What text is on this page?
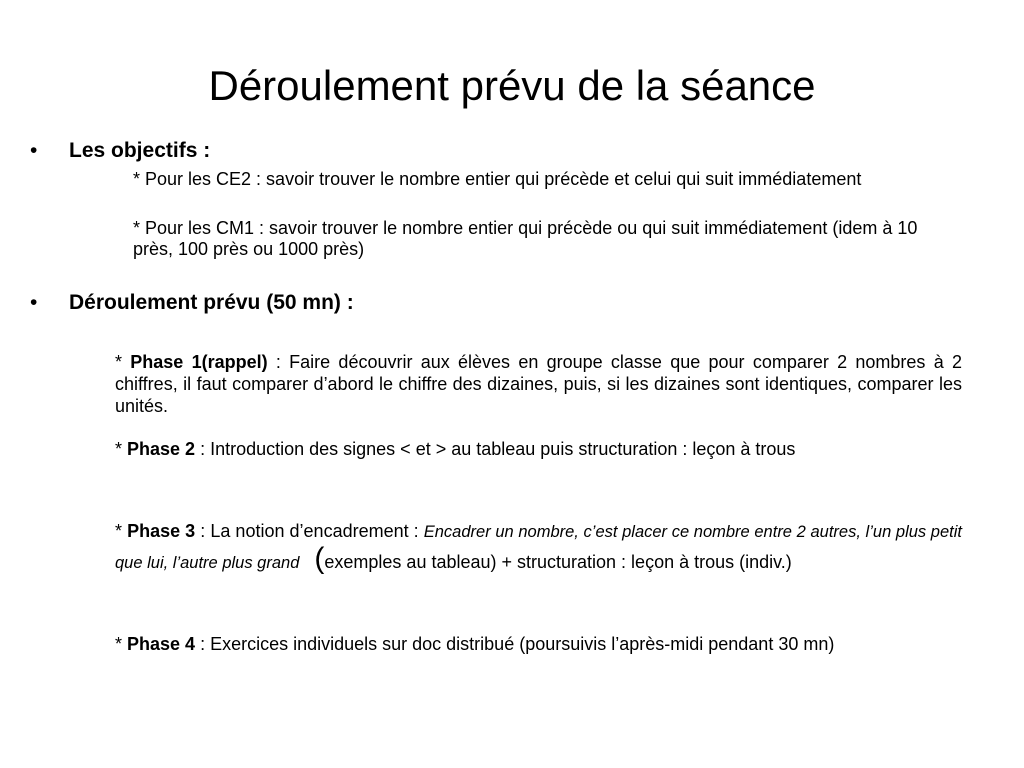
Déroulement prévu de la séance
• Les objectifs :
* Pour les CE2 : savoir trouver le nombre entier qui précède et celui qui suit immédiatement
* Pour les CM1 : savoir trouver le nombre entier qui précède ou qui suit immédiatement (idem à 10 près, 100 près ou 1000 près)
• Déroulement prévu (50 mn) :
* Phase 1(rappel) : Faire découvrir aux élèves en groupe classe que pour comparer 2 nombres à 2 chiffres, il faut comparer d’abord le chiffre des dizaines, puis, si les dizaines sont identiques, comparer les unités.
* Phase 2 : Introduction des signes < et > au tableau puis structuration : leçon à trous
* Phase 3 : La notion d’encadrement : Encadrer un nombre, c’est placer ce nombre entre 2 autres, l’un plus petit que lui, l’autre plus grand (exemples au tableau) + structuration : leçon à trous (indiv.)
* Phase 4 : Exercices individuels sur doc distribué (poursuivis l’après-midi pendant 30 mn)
